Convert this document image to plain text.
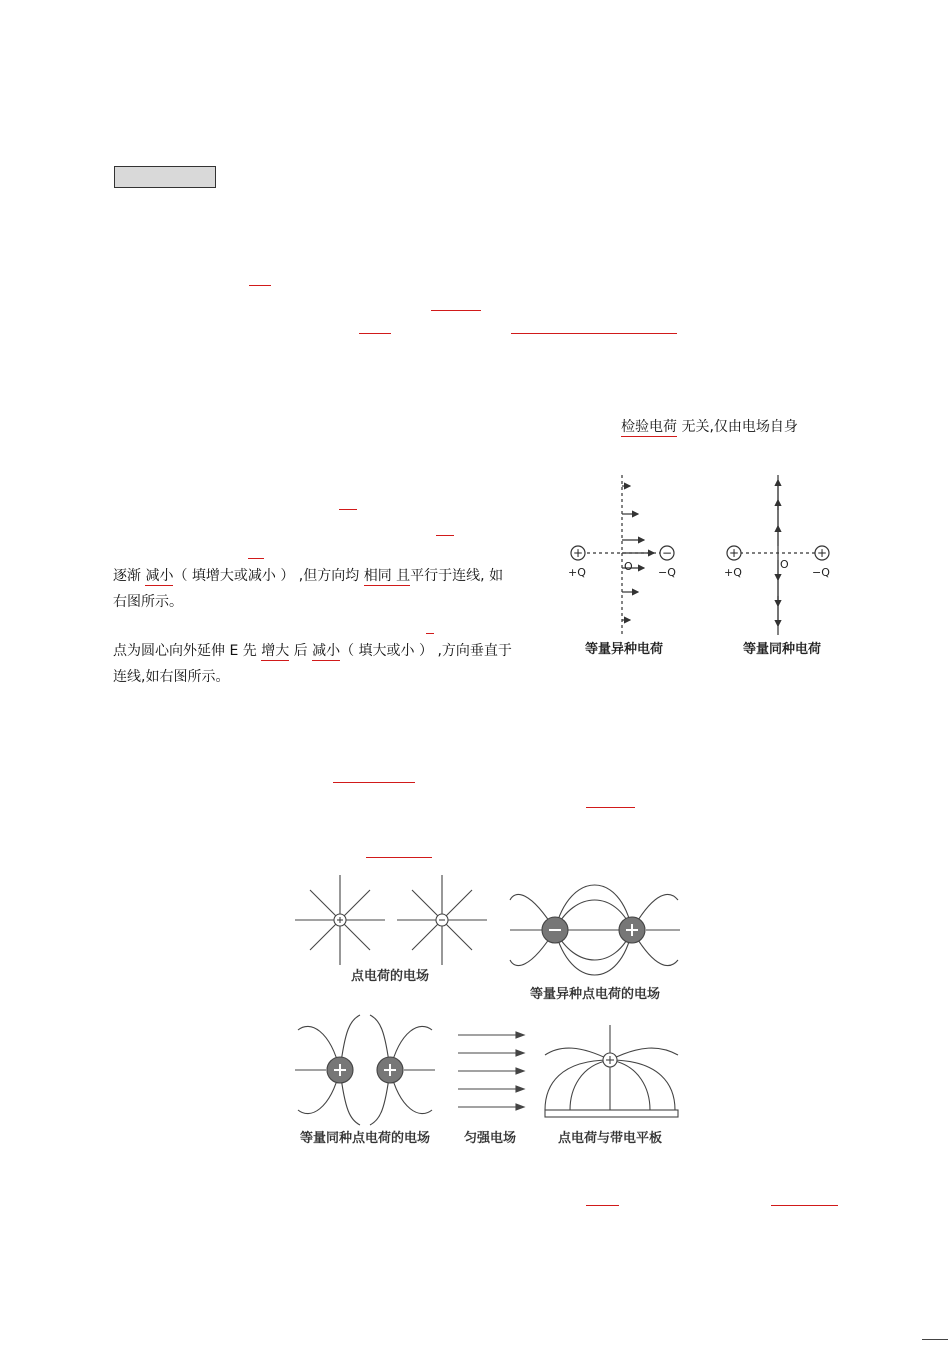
检验电荷 无关,仅由电场自身
逐渐 减小（ 填增大或减小 ） ,但方向均 相同 且平行于连线, 如
右图所示。
点为圆心向外延伸 E 先 增大 后 减小（ 填大或小 ） ,方向垂直于
连线,如右图所示。
+	−	+	+
+Q	−Q
O	+Q	−Q
O
等量异种电荷	等量同种电荷
点电荷的电场
等量异种点电荷的电场
等量同种点电荷的电场	匀强电场	点电荷与带电平板
